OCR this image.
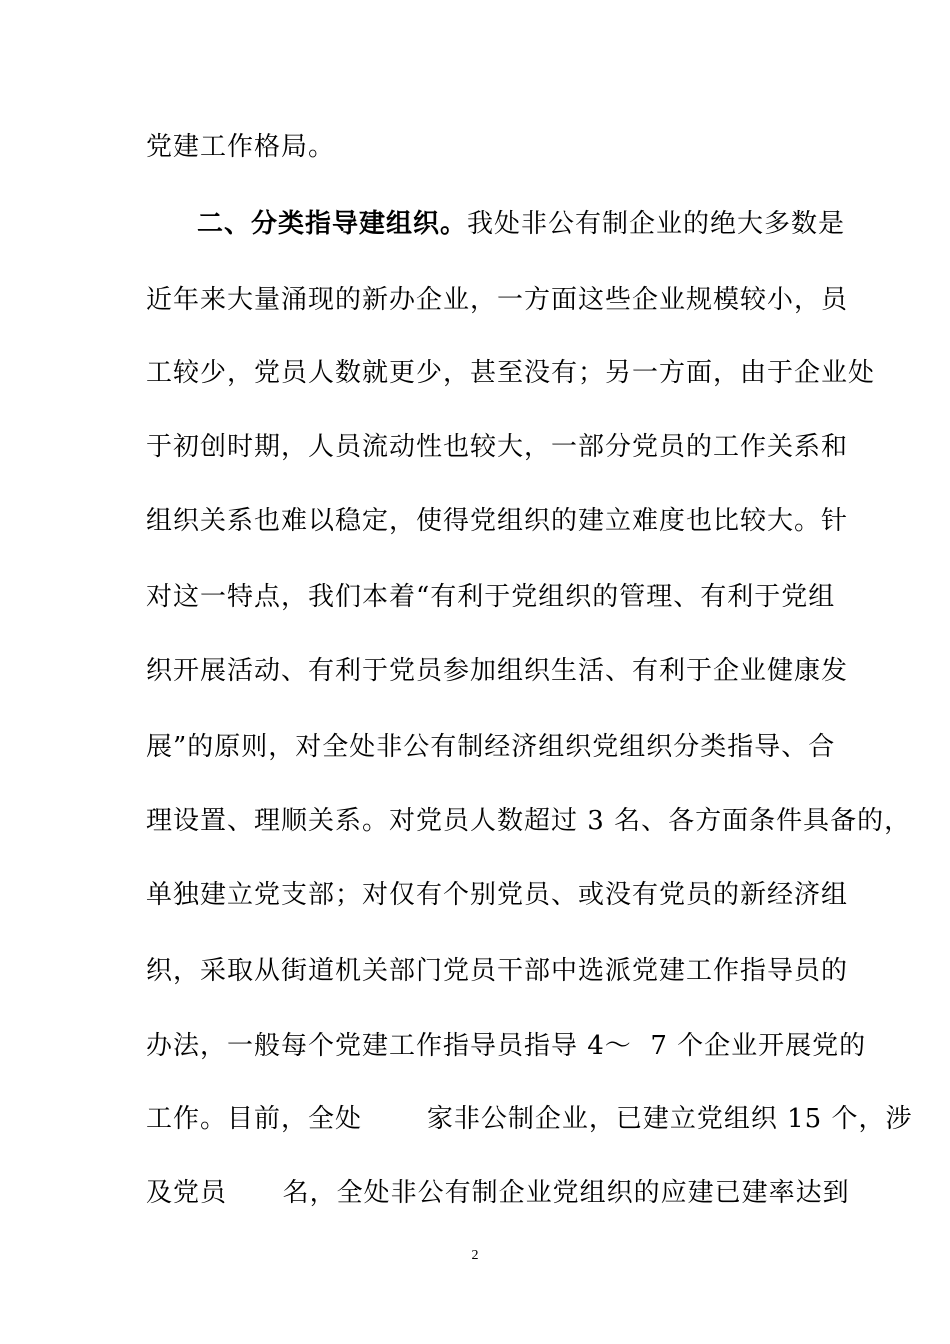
党建工作格局。
二、分类指导建组织。我处非公有制企业的绝大多数是
近年来大量涌现的新办企业，一方面这些企业规模较小，员
工较少，党员人数就更少，甚至没有；另一方面，由于企业处
于初创时期，人员流动性也较大，一部分党员的工作关系和
组织关系也难以稳定，使得党组织的建立难度也比较大。针
对这一特点，我们本着“有利于党组织的管理、有利于党组
织开展活动、有利于党员参加组织生活、有利于企业健康发
展”的原则，对全处非公有制经济组织党组织分类指导、合
理设置、理顺关系。对党员人数超过 3 名、各方面条件具备的，
单独建立党支部；对仅有个别党员、或没有党员的新经济组
织，采取从街道机关部门党员干部中选派党建工作指导员的
办法，一般每个党建工作指导员指导 4～  7 个企业开展党的
工作。目前，全处       家非公制企业，已建立党组织 15 个，涉
及党员      名，全处非公有制企业党组织的应建已建率达到
2
